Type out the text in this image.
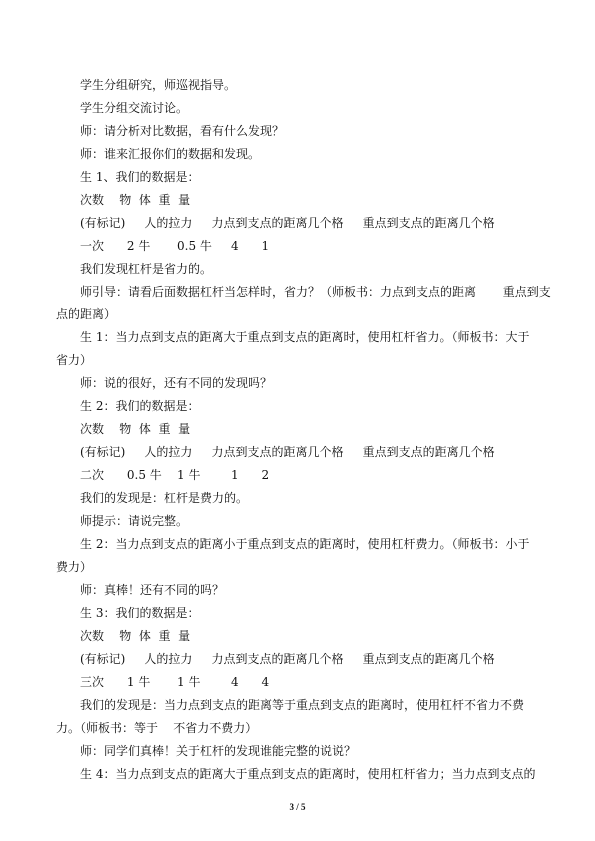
学生分组研究，师巡视指导。
学生分组交流讨论。
师：请分析对比数据，看有什么发现？
师：谁来汇报你们的数据和发现。
生 1、我们的数据是：
次数    物  体  重  量
(有标记)     人的拉力     力点到支点的距离几个格     重点到支点的距离几个格
一次      2 牛       0.5 牛     4      1
我们发现杠杆是省力的。
师引导：请看后面数据杠杆当怎样时，省力？（师板书：力点到支点的距离       重点到支
点的距离）
生 1：当力点到支点的距离大于重点到支点的距离时，使用杠杆省力。（师板书：大于
省力）
师：说的很好，还有不同的发现吗？
生 2：我们的数据是：
次数    物  体  重  量
(有标记)     人的拉力     力点到支点的距离几个格     重点到支点的距离几个格
二次      0.5 牛    1 牛        1      2
我们的发现是：杠杆是费力的。
师提示：请说完整。
生 2：当力点到支点的距离小于重点到支点的距离时，使用杠杆费力。（师板书：小于
费力）
师：真棒！还有不同的吗？
生 3：我们的数据是：
次数    物  体  重  量
(有标记)     人的拉力     力点到支点的距离几个格     重点到支点的距离几个格
三次      1 牛       1 牛        4      4
我们的发现是：当力点到支点的距离等于重点到支点的距离时，使用杠杆不省力不费
力。（师板书：等于    不省力不费力）
师：同学们真棒！关于杠杆的发现谁能完整的说说？
生 4：当力点到支点的距离大于重点到支点的距离时，使用杠杆省力；当力点到支点的
3 / 5
